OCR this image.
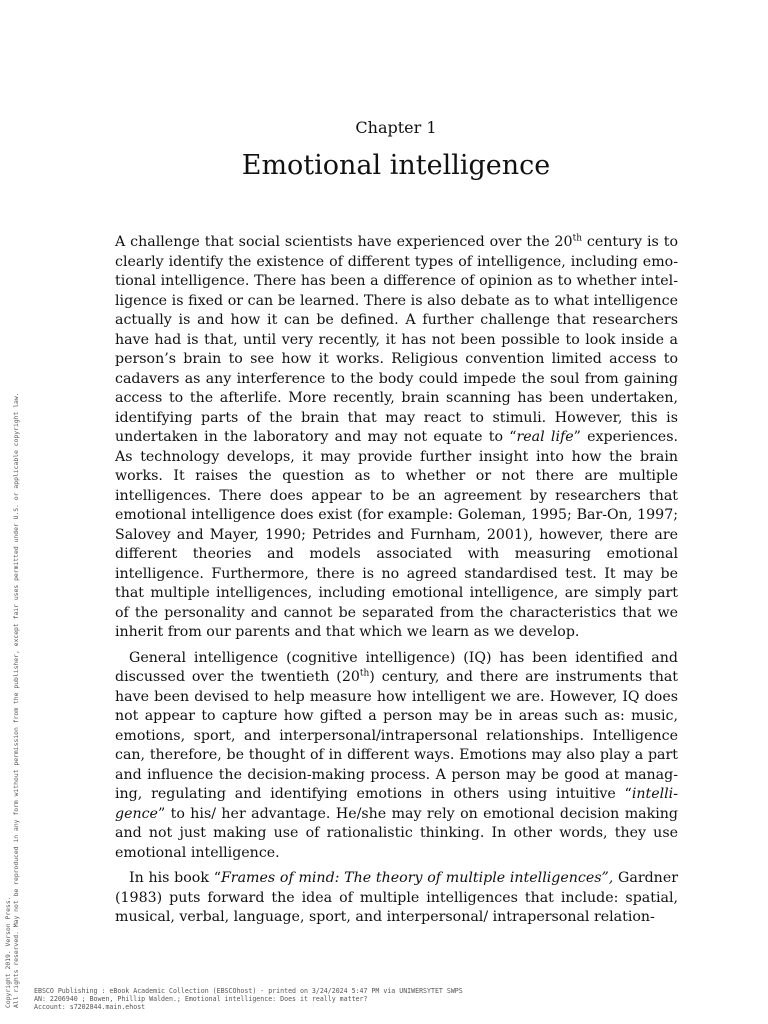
Chapter 1
Emotional intelligence

A challenge that social scientists have experienced over the 20th century is to clearly identify the existence of different types of intelligence, including emotional intelligence. There has been a difference of opinion as to whether intelligence is fixed or can be learned. There is also debate as to what intelligence actually is and how it can be defined. A further challenge that researchers have had is that, until very recently, it has not been possible to look inside a person’s brain to see how it works. Religious convention limited access to cadavers as any interference to the body could impede the soul from gaining access to the afterlife. More recently, brain scanning has been undertaken, identifying parts of the brain that may react to stimuli. However, this is undertaken in the laboratory and may not equate to “real life” experiences. As technology develops, it may provide further insight into how the brain works. It raises the question as to whether or not there are multiple intelligences. There does appear to be an agreement by researchers that emotional intelligence does exist (for example: Goleman, 1995; Bar-On, 1997; Salovey and Mayer, 1990; Petrides and Furnham, 2001), however, there are different theories and models associated with measuring emotional intelligence. Furthermore, there is no agreed standardised test. It may be that multiple intelligences, including emotional intelligence, are simply part of the personality and cannot be separated from the characteristics that we inherit from our parents and that which we learn as we develop.

General intelligence (cognitive intelligence) (IQ) has been identified and discussed over the twentieth (20th) century, and there are instruments that have been devised to help measure how intelligent we are. However, IQ does not appear to capture how gifted a person may be in areas such as: music, emotions, sport, and interpersonal/intrapersonal relationships. Intelligence can, therefore, be thought of in different ways. Emotions may also play a part and influence the decision-making process. A person may be good at managing, regulating and identifying emotions in others using intuitive “intelligence” to his/ her advantage. He/she may rely on emotional decision making and not just making use of rationalistic thinking. In other words, they use emotional intelligence.

In his book “Frames of mind: The theory of multiple intelligences”, Gardner (1983) puts forward the idea of multiple intelligences that include: spatial, musical, verbal, language, sport, and interpersonal/ intrapersonal relation-

Copyright 2019. Verson Press. All rights reserved. May not be reproduced in any form without permission from the publisher, except fair uses permitted under U.S. or applicable copyright law. EBSCO Publishing : eBook Academic Collection (EBSCOhost) - printed on 3/24/2024 5:47 PM via UNIWERSYTET SWPS
AN: 2206940 ; Bowen, Phillip Walden.; Emotional intelligence: Does it really matter?
Account: s7202844.main.ehost
